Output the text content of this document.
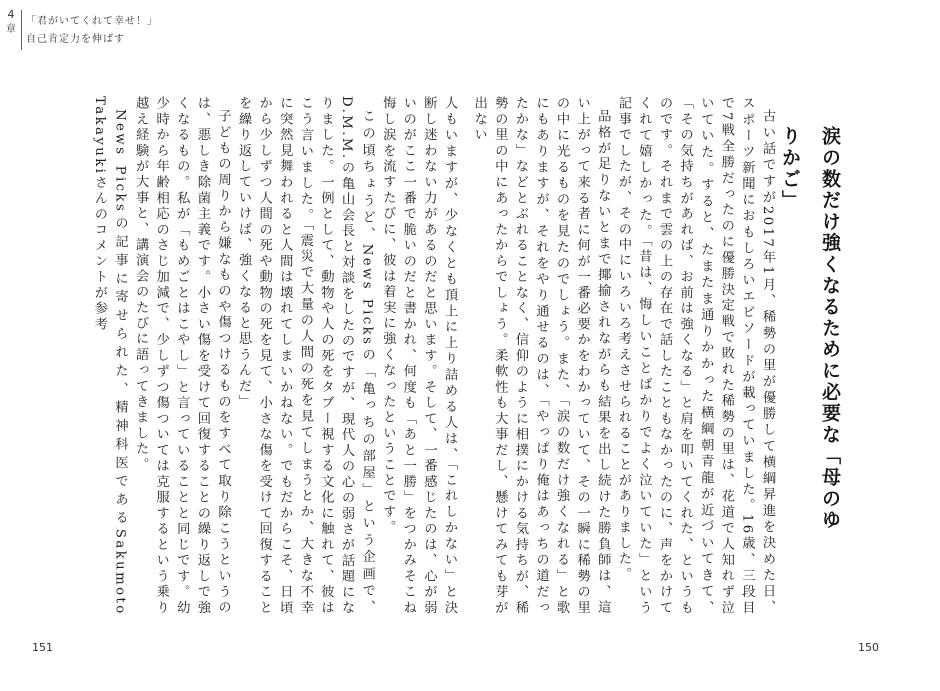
4
章
「君がいてくれて幸せ！」
自己肯定力を伸ばす
涙の数だけ強くなるために必要な「母のゆりかご」

古い話ですが2017年1月、稀勢の里が優勝して横綱昇進を決めた日、スポーツ新聞におもしろいエピソードが載っていました。16歳、三段目で7戦全勝だったのに優勝決定戦で敗れた稀勢の里は、花道で人知れず泣いていた。すると、たまたま通りかかった横綱朝青龍が近づいてきて、「その気持ちがあれば、お前は強くなる」と肩を叩いてくれた、というものです。それまで雲の上の存在で話したこともなかったのに、声をかけてくれて嬉しかった。「昔は、悔しいことばかりでよく泣いていた」という記事でしたが、その中にいろいろ考えさせられることがありました。

品格が足りないとまで揶揄されながらも結果を出し続けた勝負師は、這い上がって来る者に何が一番必要かをわかっていて、その一瞬に稀勢の里の中に光るものを見たのでしょう。また、「涙の数だけ強くなれる」と歌にもありますが、それをやり通せるのは、「やっぱり俺はあっちの道だったかな」などとぶれることなく、信仰のように相撲にかける気持ちが、稀勢の里の中にあったからでしょう。柔軟性も大事だし、懸けてみても芽が出ない

人もいますが、少なくとも頂上に上り詰める人は、「これしかない」と決断し迷わない力があるのだと思います。そして、一番感じたのは、心が弱いのがここ一番で脆いのだと書かれ、何度も「あと一勝」をつかみそこね悔し涙を流すたびに、彼は着実に強くなったということです。

この頃ちょうど、News Picksの「亀っちの部屋」という企画で、D.M.M.の亀山会長と対談をしたのですが、現代人の心の弱さが話題になりました。一例として、動物や人の死をタブー視する文化に触れて、彼はこう言いました。「震災で大量の人間の死を見てしまうとか、大きな不幸に突然見舞われると人間は壊れてしまいかねない。でもだからこそ、日頃から少しずつ人間の死や動物の死を見て、小さな傷を受けて回復することを繰り返していけば、強くなると思うんだ」

子どもの周りから嫌なものや傷つけるものをすべて取り除こうというのは、悪しき除菌主義です。小さい傷を受けて回復することの繰り返しで強くなるもの。私が「もめごとはこやし」と言っていることと同じです。幼少時から年齢相応のさじ加減で、少しずつ傷ついては克服するという乗り越え経験が大事と、講演会のたびに語ってきました。

News Picksの記事に寄せられた、精神科医であるSakumoto Takayukiさんのコメントが参考

151	150
